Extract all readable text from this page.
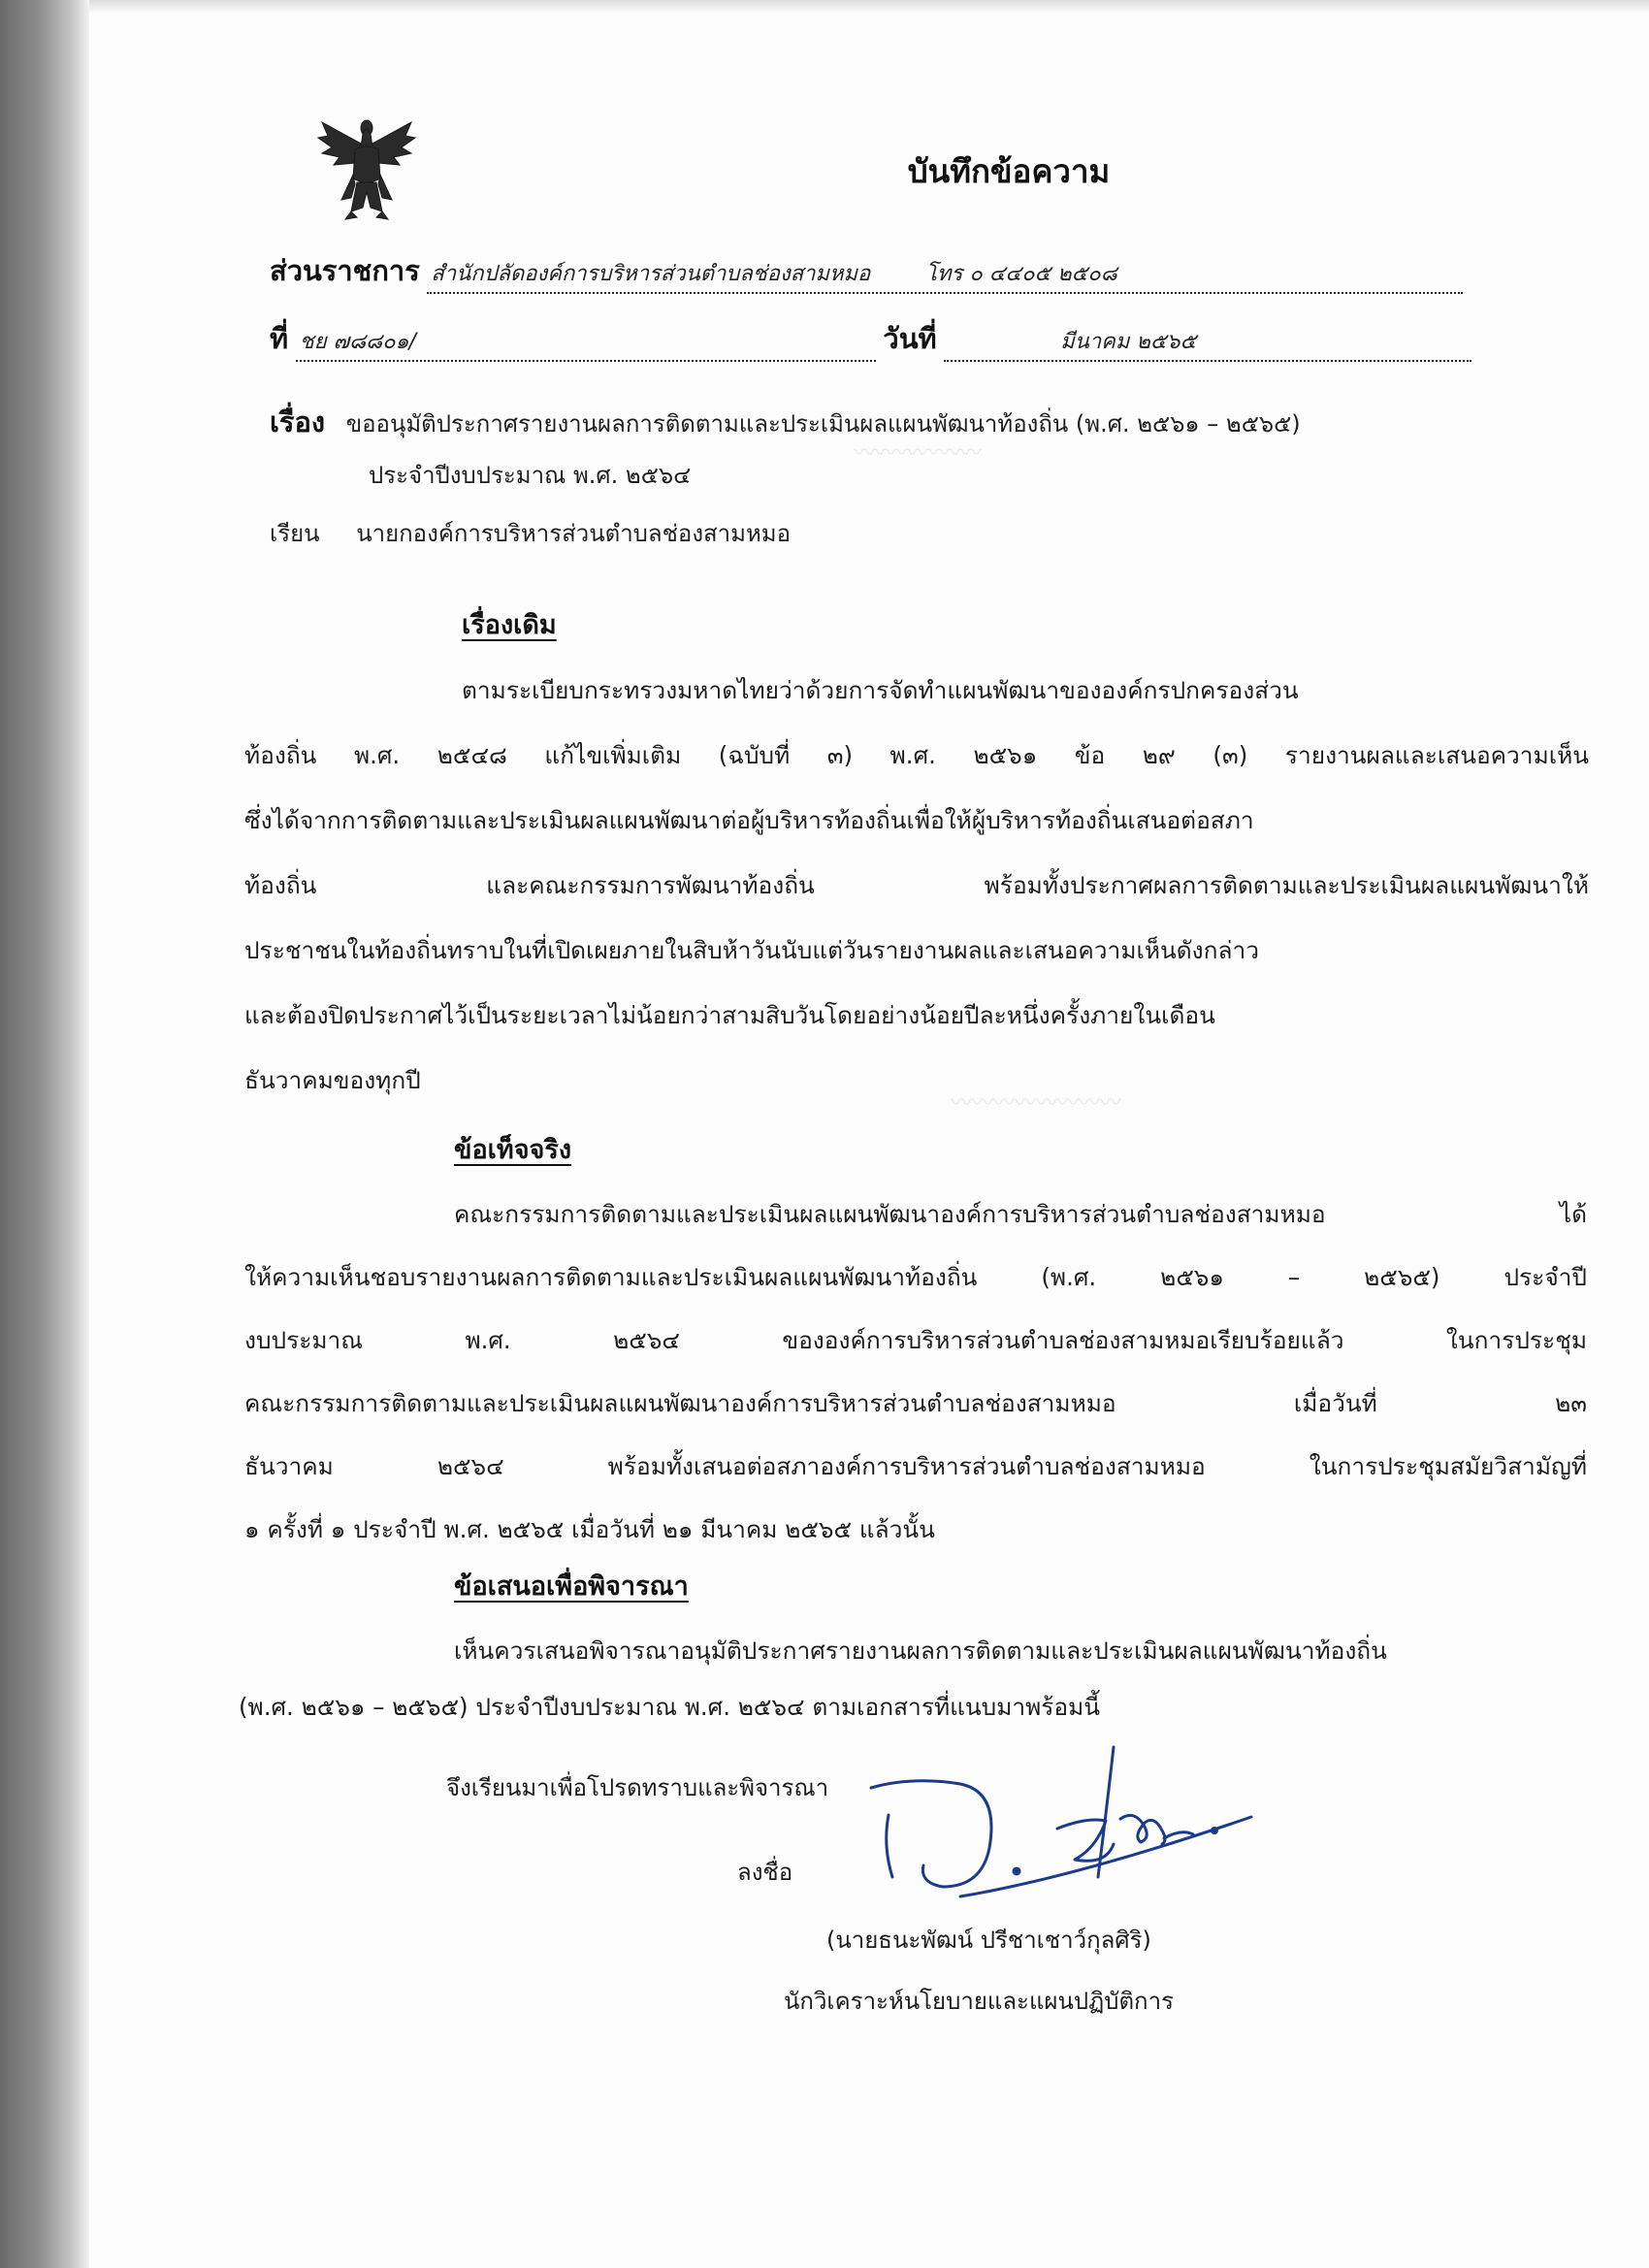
〰〰〰〰〰〰
〰〰〰〰〰〰〰〰
บันทึกข้อความ
ส่วนราชการ สำนักปลัดองค์การบริหารส่วนตำบลช่องสามหมอ	โทร ๐ ๔๔๐๕ ๒๕๐๘
ที่ ชย ๗๘๘๐๑/	วันที่	มีนาคม ๒๕๖๕
เรื่อง ขออนุมัติประกาศรายงานผลการติดตามและประเมินผลแผนพัฒนาท้องถิ่น (พ.ศ. ๒๕๖๑ – ๒๕๖๕)
ประจำปีงบประมาณ พ.ศ. ๒๕๖๔
เรียน นายกองค์การบริหารส่วนตำบลช่องสามหมอ
เรื่องเดิม
ตามระเบียบกระทรวงมหาดไทยว่าด้วยการจัดทำแผนพัฒนาขององค์กรปกครองส่วน
ท้องถิ่น พ.ศ. ๒๕๔๘ แก้ไขเพิ่มเติม (ฉบับที่ ๓) พ.ศ. ๒๕๖๑ ข้อ ๒๙ (๓) รายงานผลและเสนอความเห็น
ซึ่งได้จากการติดตามและประเมินผลแผนพัฒนาต่อผู้บริหารท้องถิ่นเพื่อให้ผู้บริหารท้องถิ่นเสนอต่อสภา
ท้องถิ่น และคณะกรรมการพัฒนาท้องถิ่น พร้อมทั้งประกาศผลการติดตามและประเมินผลแผนพัฒนาให้
ประชาชนในท้องถิ่นทราบในที่เปิดเผยภายในสิบห้าวันนับแต่วันรายงานผลและเสนอความเห็นดังกล่าว
และต้องปิดประกาศไว้เป็นระยะเวลาไม่น้อยกว่าสามสิบวันโดยอย่างน้อยปีละหนึ่งครั้งภายในเดือน
ธันวาคมของทุกปี
ข้อเท็จจริง
คณะกรรมการติดตามและประเมินผลแผนพัฒนาองค์การบริหารส่วนตำบลช่องสามหมอ ได้
ให้ความเห็นชอบรายงานผลการติดตามและประเมินผลแผนพัฒนาท้องถิ่น (พ.ศ. ๒๕๖๑ – ๒๕๖๕) ประจำปี
งบประมาณ พ.ศ. ๒๕๖๔ ขององค์การบริหารส่วนตำบลช่องสามหมอเรียบร้อยแล้ว ในการประชุม
คณะกรรมการติดตามและประเมินผลแผนพัฒนาองค์การบริหารส่วนตำบลช่องสามหมอ เมื่อวันที่ ๒๓
ธันวาคม ๒๕๖๔ พร้อมทั้งเสนอต่อสภาองค์การบริหารส่วนตำบลช่องสามหมอ ในการประชุมสมัยวิสามัญที่
๑ ครั้งที่ ๑ ประจำปี พ.ศ. ๒๕๖๕ เมื่อวันที่ ๒๑ มีนาคม ๒๕๖๕ แล้วนั้น
ข้อเสนอเพื่อพิจารณา
เห็นควรเสนอพิจารณาอนุมัติประกาศรายงานผลการติดตามและประเมินผลแผนพัฒนาท้องถิ่น
(พ.ศ. ๒๕๖๑ – ๒๕๖๕) ประจำปีงบประมาณ พ.ศ. ๒๕๖๔ ตามเอกสารที่แนบมาพร้อมนี้
จึงเรียนมาเพื่อโปรดทราบและพิจารณา
ลงชื่อ
(นายธนะพัฒน์ ปรีชาเชาว์กุลศิริ)
นักวิเคราะห์นโยบายและแผนปฏิบัติการ
